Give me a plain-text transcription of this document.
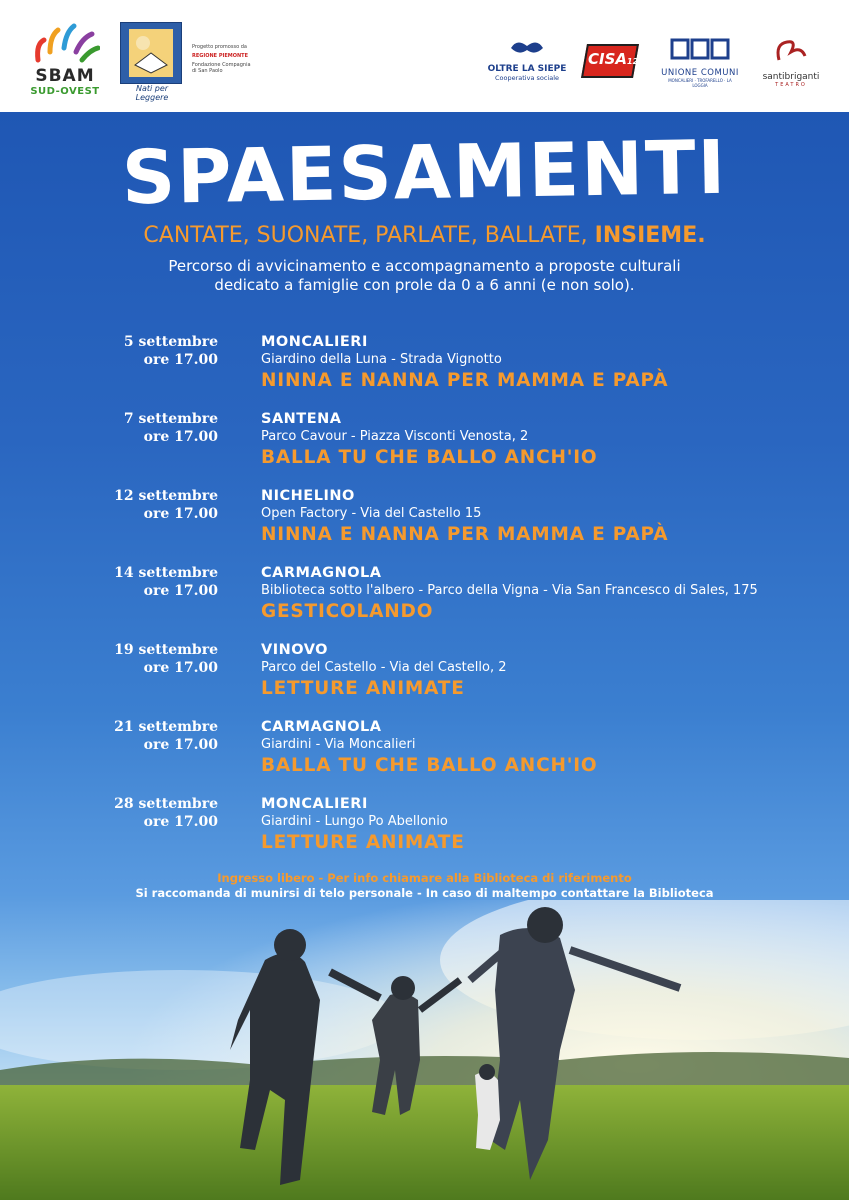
SBAM
SUD-OVEST	Nati per Leggere
Progetto promosso da
REGIONE PIEMONTE
Fondazione Compagnia di San Paolo	OLTRE LA SIEPE
Cooperativa sociale
CISA12
UNIONE COMUNI
MONCALIERI · TROFARELLO · LA LOGGIA
santibriganti
TEATRO
SPAESAMENTI
CANTATE, SUONATE, PARLATE, BALLATE, INSIEME.
Percorso di avvicinamento e accompagnamento a proposte culturali
dedicato a famiglie con prole da 0 a 6 anni (e non solo).
5 settembre
ore 17.00
MONCALIERI
Giardino della Luna - Strada Vignotto
NINNA E NANNA PER MAMMA E PAPÀ
7 settembre
ore 17.00
SANTENA
Parco Cavour - Piazza Visconti Venosta, 2
BALLA TU CHE BALLO ANCH'IO
12 settembre
ore 17.00
NICHELINO
Open Factory - Via del Castello 15
NINNA E NANNA PER MAMMA E PAPÀ
14 settembre
ore 17.00
CARMAGNOLA
Biblioteca sotto l'albero - Parco della Vigna - Via San Francesco di Sales, 175
GESTICOLANDO
19 settembre
ore 17.00
VINOVO
Parco del Castello - Via del Castello, 2
LETTURE ANIMATE
21 settembre
ore 17.00
CARMAGNOLA
Giardini - Via Moncalieri
BALLA TU CHE BALLO ANCH'IO
28 settembre
ore 17.00
MONCALIERI
Giardini - Lungo Po Abellonio
LETTURE ANIMATE
Ingresso libero - Per info chiamare alla Biblioteca di riferimento
Si raccomanda di munirsi di telo personale - In caso di maltempo contattare la Biblioteca
